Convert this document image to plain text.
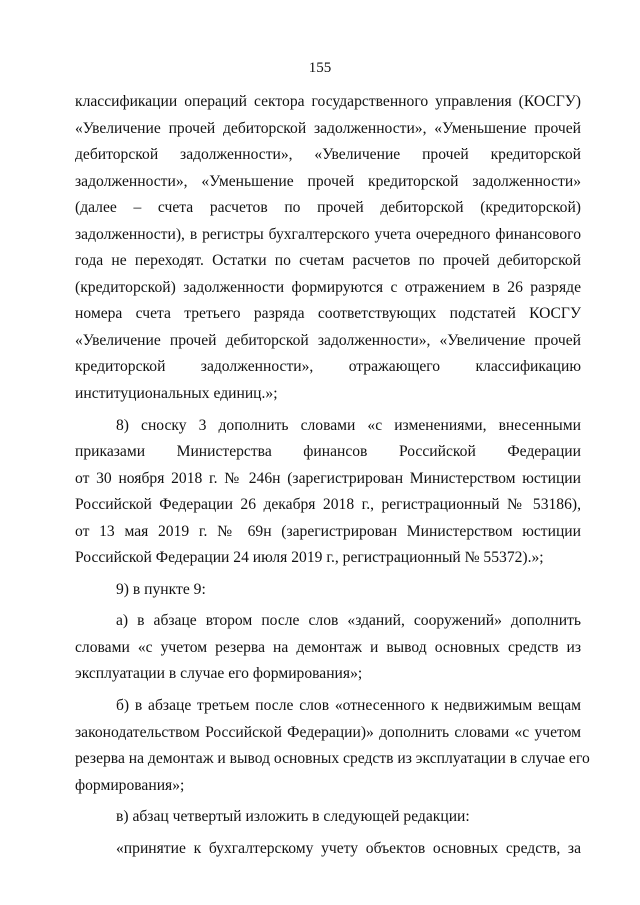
155
классификации операций сектора государственного управления (КОСГУ)
«Увеличение прочей дебиторской задолженности», «Уменьшение прочей
дебиторской задолженности», «Увеличение прочей кредиторской
задолженности», «Уменьшение прочей кредиторской задолженности»
(далее – счета расчетов по прочей дебиторской (кредиторской)
задолженности), в регистры бухгалтерского учета очередного финансового
года не переходят. Остатки по счетам расчетов по прочей дебиторской
(кредиторской) задолженности формируются с отражением в 26 разряде
номера счета третьего разряда соответствующих подстатей КОСГУ
«Увеличение прочей дебиторской задолженности», «Увеличение прочей
кредиторской задолженности», отражающего классификацию
институциональных единиц.»;
8) сноску 3 дополнить словами «с изменениями, внесенными
приказами Министерства финансов Российской Федерации
от 30 ноября 2018 г. № 246н (зарегистрирован Министерством юстиции
Российской Федерации 26 декабря 2018 г., регистрационный № 53186),
от 13 мая 2019 г. № 69н (зарегистрирован Министерством юстиции
Российской Федерации 24 июля 2019 г., регистрационный № 55372).»;
9) в пункте 9:
а) в абзаце втором после слов «зданий, сооружений» дополнить
словами «с учетом резерва на демонтаж и вывод основных средств из
эксплуатации в случае его формирования»;
б) в абзаце третьем после слов «отнесенного к недвижимым вещам
законодательством Российской Федерации)» дополнить словами «с учетом
резерва на демонтаж и вывод основных средств из эксплуатации в случае его
формирования»;
в) абзац четвертый изложить в следующей редакции:
«принятие к бухгалтерскому учету объектов основных средств, за
